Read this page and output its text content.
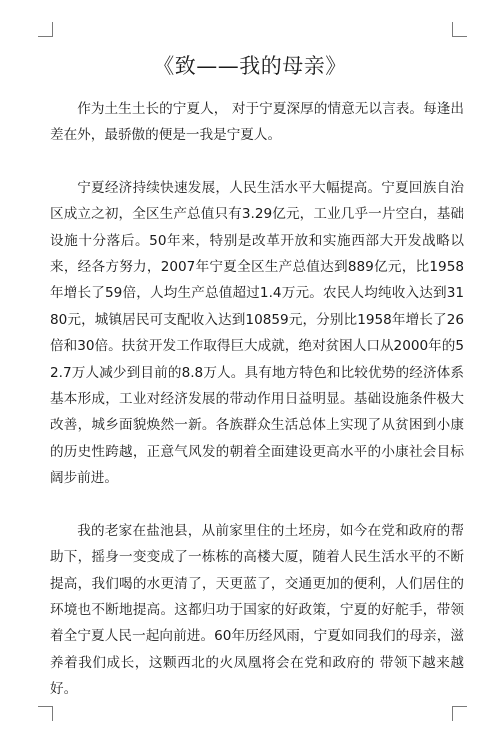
《致——我的母亲》

作为土生土长的宁夏人， 对于宁夏深厚的情意无以言表。每逢出差在外，最骄傲的便是一我是宁夏人。

宁夏经济持续快速发展，人民生活水平大幅提高。宁夏回族自治区成立之初，全区生产总值只有3.29亿元，工业几乎一片空白，基础设施十分落后。50年来，特别是改革开放和实施西部大开发战略以来，经各方努力，2007年宁夏全区生产总值达到889亿元，比1958年增长了59倍，人均生产总值超过1.4万元。农民人均纯收入达到3180元，城镇居民可支配收入达到10859元，分别比1958年增长了26倍和30倍。扶贫开发工作取得巨大成就，绝对贫困人口从2000年的52.7万人减少到目前的8.8万人。具有地方特色和比较优势的经济体系基本形成，工业对经济发展的带动作用日益明显。基础设施条件极大改善，城乡面貌焕然一新。各族群众生活总体上实现了从贫困到小康的历史性跨越，正意气风发的朝着全面建设更高水平的小康社会目标阔步前进。

我的老家在盐池县，从前家里住的土坯房，如今在党和政府的帮助下，摇身一变变成了一栋栋的高楼大厦，随着人民生活水平的不断提高，我们喝的水更清了，天更蓝了，交通更加的便利，人们居住的环境也不断地提高。这都归功于国家的好政策，宁夏的好舵手，带领着全宁夏人民一起向前进。60年历经风雨，宁夏如同我们的母亲，滋养着我们成长，这颗西北的火凤凰将会在党和政府的 带领下越来越好。
